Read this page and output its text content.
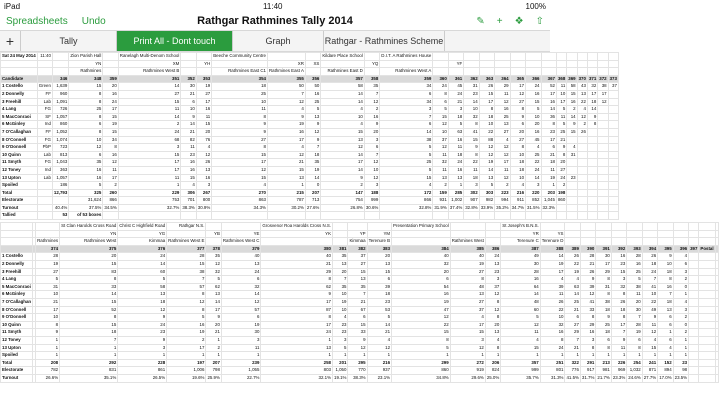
iPad	11:40	100%
Spreadsheets Undo	Rathgar Rathmines Tally 2014	✎ + ❖ ⇧
+	Tally	Print All - Dont touch	Graph	Rathgar - Rathmines Scheme
Sat 24 May 2014	11:40		Zion Parish Hall		Ranelagh Multi-Denom School			Beeche Community Centre			Kildare Place School		D.I.T. A Rathmines House														
			YN		XM		YH		XR	XS		YQ			YF												
			Rathmines		Rathmines West B			Rathmines East C1	Rathmines East A		Rathmines East D		Rathmines West A														
Candidate		346	348	359	351	352	353	354	355	356	357	358	359	360	361	362	363	364	365	366	367	368	369	370	371	372	373
1 Costello	Green	1,639	15	20	14	30	19	18	50	50	58	35	34	24	45	31	26	29	17	24	52	11	58	43	32	38	37
2 Donnelly	FF	960	8	16	27	21	27	25	7	16	14	7	6	8	24	23	15	11	12	16	17	10	15	13	17	17	
3 Freehill	Lab	1,091	8	24	15	6	17	10	12	25	14	12	34	6	21	14	17	12	27	15	16	17	16	22	18	12	
4 Lang	FG	726	25	17	11	10	16	11	4	5	4	2	3	5	3	10	8	16	8	5	14	5	2	4	14		
5 MacConraoi	SF	1,057	8	15	14	9	11	8	9	13	10	16	7	15	18	32	18	25	9	10	36	11	14	12	9		
6 McGinley	Ind	860	6	19	2	14	15	9	19	9	4	9	6	12	5	8	10	13	6	20	8	5	9	2	8		
7 O'Callaghan	FF	1,052	8	15	24	21	20	9	16	12	15	20	14	10	63	41	22	27	20	16	23	25	15	26			
8 O'Connell	FG	1,074	10	34	68	82	76	27	17	9	13	3	38	37	16	15	88	4	27	45	17	21					
9 O'Donnell	PbP	723	12	8	3	11	4	8	4	7	12	6	5	12	11	9	12	12	8	4	6	9	4				
10 Quinn	Lab	813	6	16	15	23	12	15	12	18	14	7	5	11	18	8	12	12	10	25	21	8	31				
11 Smyth	FG	1,043	35	12	17	16	26	17	21	35	17	12	25	32	24	22	19	17	18	22	18	20					
12 Toney	Ind	363	16	11	17	16	13	12	15	19	14	10	5	11	16	11	14	11	18	24	11	27					
13 Upton	Lab	1,057	16	17	11	15	16	15	13	14	9	12	15	13	13	18	13	12	10	14	19	24	23				
Spoiled		186	5	2	1	4	3	4	1	0	2	3	4	2	1	3	5	2	4	3	1	2					
Total		12,793	325	260	229	306	267	270	215	207	147	188	172	159	285	302	303	223	216	220	203	198					
Electorate			31,624	866	753	701	800	863	787	713	754	999	866	931	1,002	907	982	994	911	852	1,045	860					
Turnout		40.4%	37.5%	34.5%	32.7%	38.3%	30.9%	34.3%	30.2%	27.6%	26.8%	30.6%	32.8%	31.9%	37.4%	32.8%	33.9%	35.2%	34.7%	31.5%	32.3%						
Tallied		53	of 53 boxes																								
			St Clan Harolds Cross Road	Christ C Highfield Road	Rathgar N.S.			Grosvenor Roa Harolds Cross N.S.				Presentation Primary School			St Joseph's B.N.S.												
			YN	YG		YB	YE	YK		YP	YM				YR	YS											
		Rathmines	Rathmines West	Kimmaa	Rathmines West E		Rathmines West C			Kimmaa	Terenure B		Rathmines West		Terenure C	Terenure D											
		374	375	376	377	378	379	380	381	382	383	384	385	386	387	388	389	390	391	392	393	394	395	396	397	Postal	
1 Costello		28	20	24	28	35	40	40	35	37	20	40	40	24	49	14	26	28	30	16	28	26	9	4			
2 Donnelly		19	15	14	15	12	13	21	13	27	13	32	19	13	30	19	22	21	17	23	16	18	10	6			
3 Freehill		27	83	60	38	32	24	29	20	15	15	20	27	23	28	17	19	26	29	15	25	24	18	3			
4 Lang		5	8	5	7	5	6	8	7	13	6	6	8	3	16	4	4	9	8	3	5	7	8	2			
5 MacConraoi		31	33	58	57	62	32	62	35	35	39	54	48	37	64	39	63	39	31	32	38	41	16	0			
6 McGinley		10	14	13	8	13	14	9	10	7	18	16	13	12	14	11	14	12	8	8	11	10	7	1			
7 O'Callaghan		21	15	18	12	14	12	17	19	21	23	19	27	8	48	26	25	41	38	26	20	22	18	4			
8 O'Connell		17	52	12	8	17	57	87	10	67	53	47	37	12	60	22	21	33	18	18	30	49	13	3			
9 O'Donnell		10	8	9	5	9	6	8	4	6	5	12	4	8	5	10	6	8	9	8	7	9	6	2			
10 Quinn		8	15	24	16	20	19	17	23	15	14	22	17	20	12	32	27	29	25	17	28	11	6	0			
11 Smyth		9	18	23	19	21	30	24	23	33	21	15	15	13	11	16	29	16	18	7	19	12	1	2			
12 Toney		1	7	9	2	1	3	1	3	9	4	8	3	4	4	8	7	3	6	9	6	4	6	1			
13 Upton		1	1	3	17	2	11	13	5	12	12	5	12	8	15	24	21	8	8	11	8	15	4	1			
Spoiled		1	1	1	1	1	1	1	1	1	1	1	1	1	1	1	1	1	1	1	1	1	1	1			
Total		208	292	228	197	207	239	258	201	295	216	299	272	206	357	251	322	291	213	226	254	241	152	23			
Electorate		782	831	861	1,006	798	1,055	803	1,050	770	937	860	919	824	999	801	776	917	981	969	1,032	871	894	98			
Turnout		26.6%	35.1%	26.5%	19.6%	25.9%	22.7%	32.1%	19.1%	38.3%	23.1%	34.8%	29.6%	25.0%	35.7%	31.3%	41.5%	31.7%	21.7%	23.3%	24.6%	27.7%	17.0%	23.5%			
